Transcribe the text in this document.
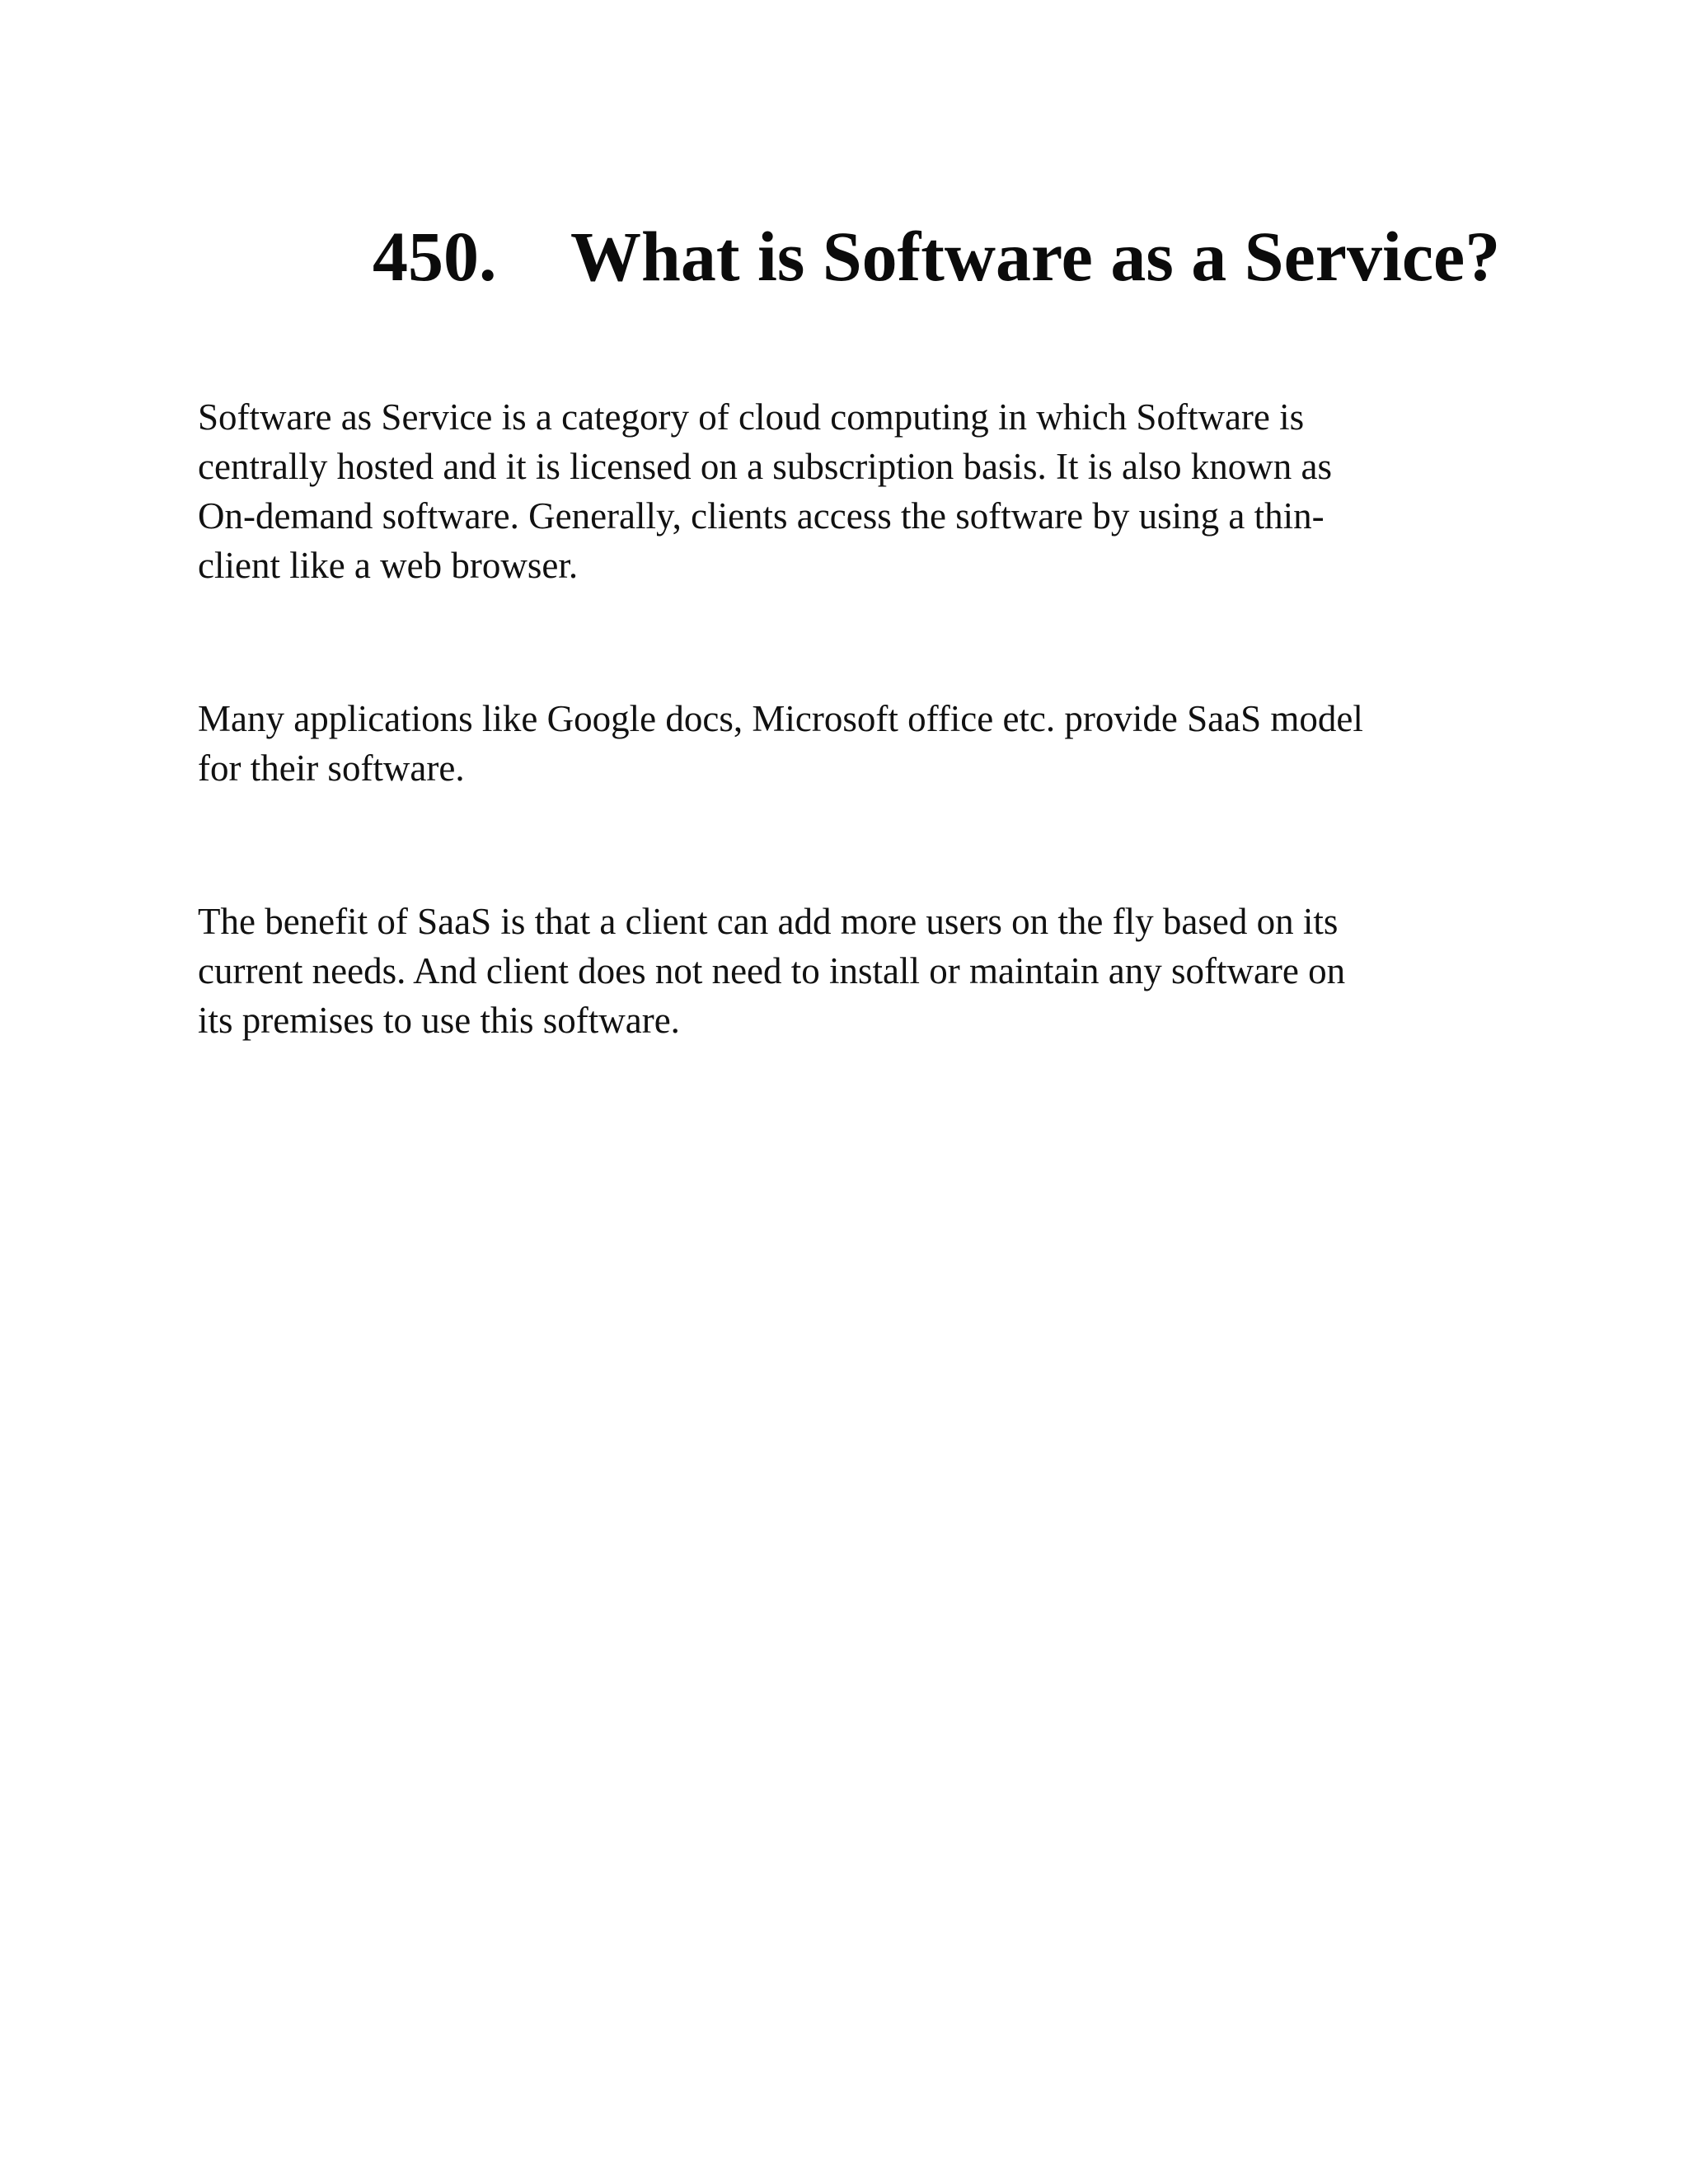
450. What is Software as a Service?

Software as Service is a category of cloud computing in which Software is
centrally hosted and it is licensed on a subscription basis. It is also known as
On-demand software. Generally, clients access the software by using a thin-
client like a web browser.

Many applications like Google docs, Microsoft office etc. provide SaaS model
for their software.

The benefit of SaaS is that a client can add more users on the fly based on its
current needs. And client does not need to install or maintain any software on
its premises to use this software.
